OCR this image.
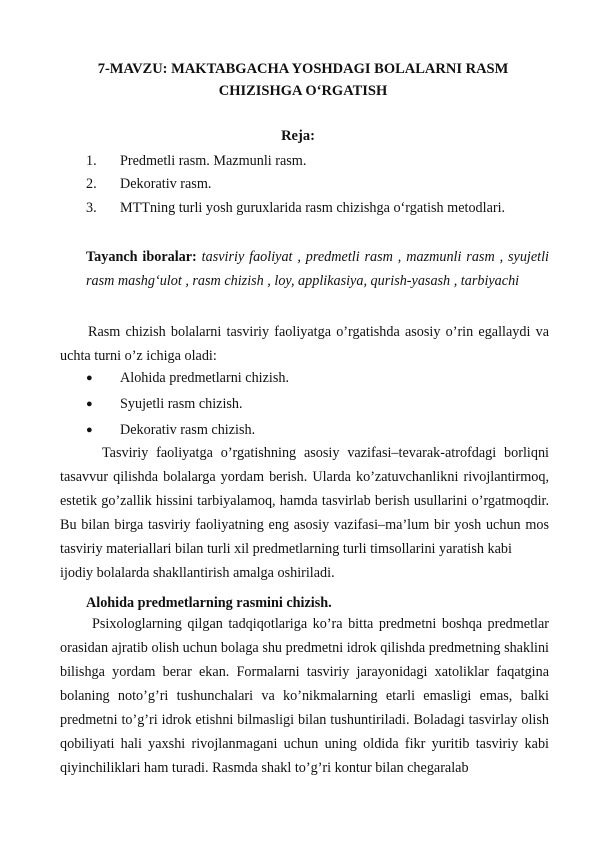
7-MAVZU: MAKTABGACHA YOSHDAGI BOLALARNI RASM

CHIZISHGA O‘RGATISH

Reja:

1. Predmetli rasm. Mazmunli rasm.
2. Dekorativ rasm.
3. MTTning turli yosh guruxlarida rasm chizishga o‘rgatish metodlari.

Tayanch iboralar: tasviriy faoliyat , predmetli rasm , mazmunli rasm , syujetli rasm mashg‘ulot , rasm chizish , loy, applikasiya, qurish-yasash , tarbiyachi

Rasm chizish bolalarni tasviriy faoliyatga o’rgatishda asosiy o’rin egallaydi va uchta turni o’z ichiga oladi:

● Alohida predmetlarni chizish.
● Syujetli rasm chizish.
● Dekorativ rasm chizish.

Tasviriy faoliyatga o’rgatishning asosiy vazifasi–tevarak-atrofdagi borliqni tasavvur qilishda bolalarga yordam berish. Ularda ko’zatuvchanlikni rivojlantirmoq, estetik go’zallik hissini tarbiyalamoq, hamda tasvirlab berish usullarini o’rgatmoqdir. Bu bilan birga tasviriy faoliyatning eng asosiy vazifasi–ma’lum bir yosh uchun mos tasviriy materiallari bilan turli xil predmetlarning turli timsollarini yaratish kabi
ijodiy bolalarda shakllantirish amalga oshiriladi.

Alohida predmetlarning rasmini chizish.

Psixologlarning qilgan tadqiqotlariga ko’ra bitta predmetni boshqa predmetlar orasidan ajratib olish uchun bolaga shu predmetni idrok qilishda predmetning shaklini bilishga yordam berar ekan. Formalarni tasviriy jarayonidagi xatoliklar faqatgina bolaning noto’g’ri tushunchalari va ko’nikmalarning etarli emasligi emas, balki predmetni to’g’ri idrok etishni bilmasligi bilan tushuntiriladi. Boladagi tasvirlay olish qobiliyati hali yaxshi rivojlanmagani uchun uning oldida fikr yuritib tasviriy kabi qiyinchiliklari ham turadi. Rasmda shakl to’g’ri kontur bilan chegaralab
